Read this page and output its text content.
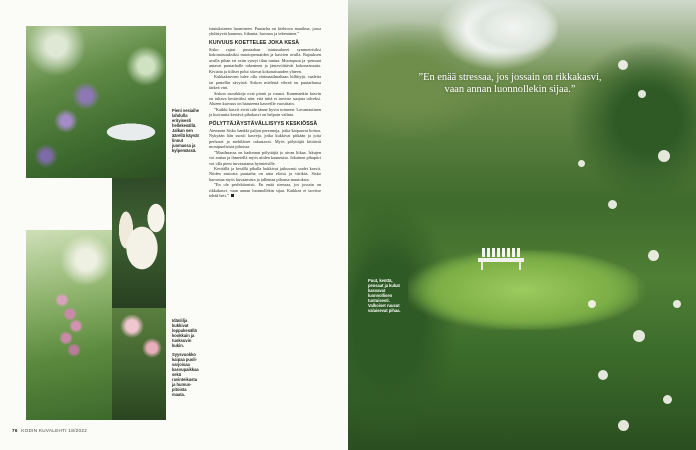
Pieni vesiaihe lahdulla erityisesti hellekesällä. Jalkan sen äärellä käyvät linnut juomassa ja kylpemässä.
Idänlilja kukkivat loppukesällä kookkain ja tuoksuvin kukin.
Syysvuokko kaipaa puolivarjoisaa kasvupaikkaa sekä ravinteikasta ja humuspitoista maata.

istutuksineen luomineen. Puutarha on kiehtova maailma, jossa yhdistyvät kauneus, liikunta, luovuus ja tekeminen.”

KUIVUUS KOETTELEE JOKA KESÄ

Sisko rajasi puutarhan istutusalueet symmetrisiksi kokonaisuuksiksi muotopensaiden ja kasvien avulla. Rajauksen avulla pihan eri osiin syntyi tilan tuntua. Muotopuut ja -pensaat antavat puutarhalle rakenteen ja jäntevöittävät kokonaisuutta. Kiviaita ja tiiliset polut sitovat kokonaisuuden yhteen.

Kukkakasvien tulee olla värimaailmaltaan hillittyjä, vaaleita tai pastellin sävyisiä. Siskon mielestä vihreä on puutarhassa tärkeä väri.

Siskon suosikkeja ovat pionit ja ruusut. Kummankin kasvin on tultava kestäväksi niin, että niitä ei tarvitse suojata talveksi. Alueen kuivuus on haasteena kasveille vuosittain.

”Kaikki kasvit eivät tule tänne hyvin toimeen. Lavantautinen ja kuivuutta kestävä pihakasvi on helpoin valinta.

PÖLYTTÄJÄYSTÄVÄLLISYYS KESKIÖSSÄ

Aiemmin Sisko hankki paljon perennoja, jotka kaipaavat hoitoa. Nykyään hän suosii kasveja, jotka kukkivat pitkään ja joita perhoset ja mehiläiset rakastavat. Myös pölyttäjät kiittävät monipuolisista pihoista.

”Maailmassa on kadonnut pölyttäjiä jo aivan liikaa. Iskujen voi auttaa ja ihmetellä myös niiden kauneutta. Jokainen pihapiiri voi olla pieni turvasatama hyönteisille.

Keväällä ja kesällä pihalla kukkivat jatkuvasti uudet kasvit. Niiden ansiosta puutarha on aina eloisa ja värikäs. Sisko harrastaa myös kuvaamista ja tallentaa pihansa muutoksia.

”En ole perfektionisti. En enää stressaa, jos jossain on rikkakasvi, vaan annan luonnollekin sijaa. Kaikkea ei tarvitse tehdä heti.”

76 KODIN KUVALEHTI 18/2022
”En enää stressaa, jos jossain on rikkakasvi, vaan annan luonnollekin sijaa.”
Puut, kenttä, pensaat ja kukat kasvavat luonnollisen tuntuisesti. Valkoiset ruusut valaisevat pihaa.
